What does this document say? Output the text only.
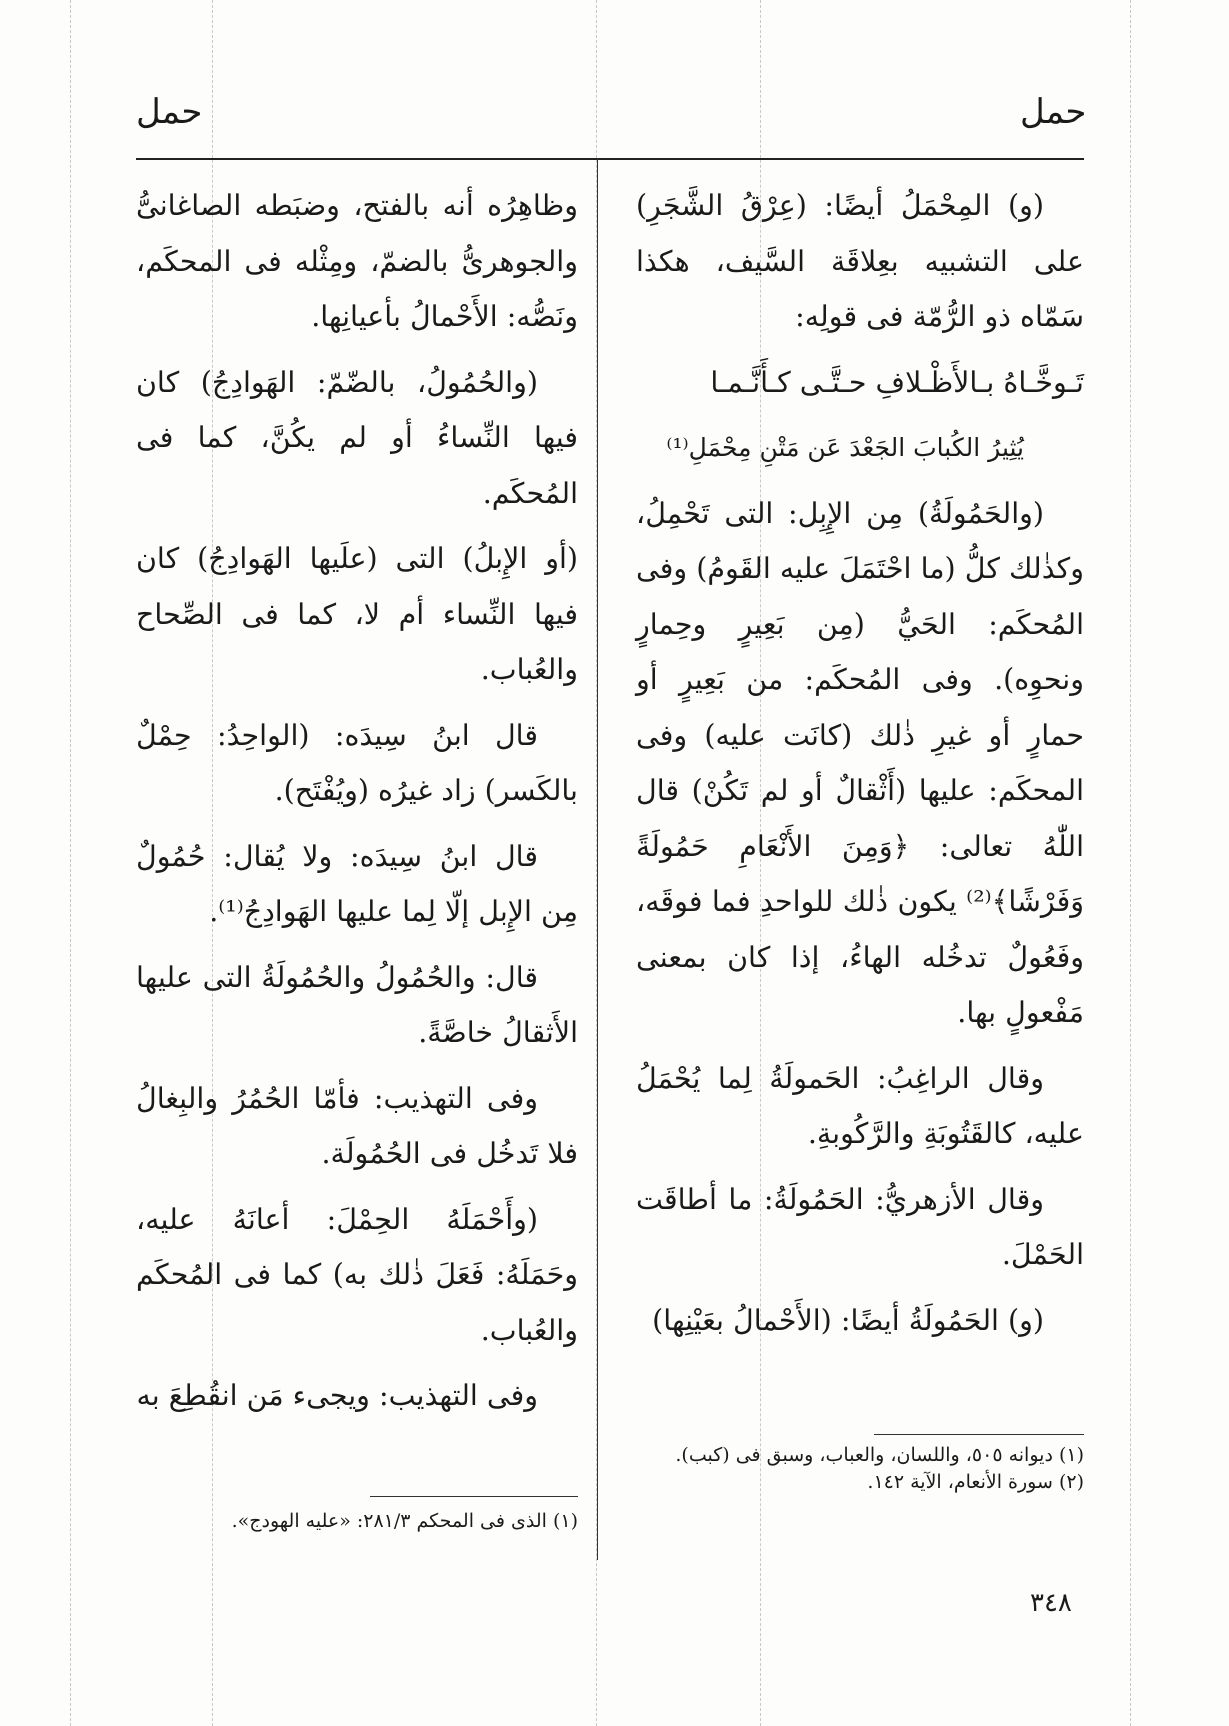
حمل
حمل

(و) المِحْمَلُ أيضًا: (عِرْقُ الشَّجَرِ) على التشبيه بعِلاقَة السَّيف، هكذا سَمّاه ذو الرُّمّة فى قولِه:

تَـوخَّـاهُ بـالأَظْـلافِ حـتَّـى كـأَنَّـمـا

يُثِيرُ الكُبابَ الجَعْدَ عَن مَتْنِ مِحْمَلِ⁽¹⁾

(والحَمُولَةُ) مِن الإِبِل: التى تَحْمِلُ، وكذٰلك كلُّ (ما احْتَمَلَ عليه القَومُ) وفى المُحكَم: الحَيُّ (مِن بَعِيرٍ وحِمارٍ ونحوِه). وفى المُحكَم: من بَعِيرٍ أو حمارٍ أو غيرِ ذٰلك (كانَت عليه) وفى المحكَم: عليها (أَثْقالٌ أو لم تَكُنْ) قال اللّٰهُ تعالى: ﴿وَمِنَ الأَنْعَامِ حَمُولَةً وَفَرْشًا﴾⁽²⁾ يكون ذٰلك للواحدِ فما فوقَه، وفَعُولٌ تدخُله الهاءُ، إذا كان بمعنى مَفْعولٍ بها.

وقال الراغِبُ: الحَمولَةُ لِما يُحْمَلُ عليه، كالقَتُوبَةِ والرَّكُوبةِ.

وقال الأزهريُّ: الحَمُولَةُ: ما أطاقَت الحَمْلَ.

(و) الحَمُولَةُ أيضًا: (الأَحْمالُ بعَيْنِها)

(١) ديوانه ٥٠٥، واللسان، والعباب، وسبق فى (كبب).

(٢) سورة الأنعام، الآية ١٤٢.

وظاهِرُه أنه بالفتح، وضبَطه الصاغانىُّ والجوهرىُّ بالضمّ، ومِثْله فى المحكَم، ونَصُّه: الأَحْمالُ بأعيانِها.

(والحُمُولُ، بالضّمّ: الهَوادِجُ) كان فيها النِّساءُ أو لم يكُنَّ، كما فى المُحكَم.

(أو الإِبلُ) التى (علَيها الهَوادِجُ) كان فيها النِّساء أم لا، كما فى الصِّحاح والعُباب.

قال ابنُ سِيدَه: (الواحِدُ: حِمْلٌ بالكَسر) زاد غيرُه (ويُفْتَح).

قال ابنُ سِيدَه: ولا يُقال: حُمُولٌ مِن الإِبل إلّا لِما عليها الهَوادِجُ⁽¹⁾.

قال: والحُمُولُ والحُمُولَةُ التى عليها الأَثقالُ خاصَّةً.

وفى التهذيب: فأمّا الحُمُرُ والبِغالُ فلا تَدخُل فى الحُمُولَة.

(وأَحْمَلَهُ الحِمْلَ: أعانَهُ عليه، وحَمَلَهُ: فَعَلَ ذٰلك به) كما فى المُحكَم والعُباب.

وفى التهذيب: ويجىء مَن انقُطِعَ به

(١) الذى فى المحكم ٢٨١/٣: «عليه الهودج».

٣٤٨
